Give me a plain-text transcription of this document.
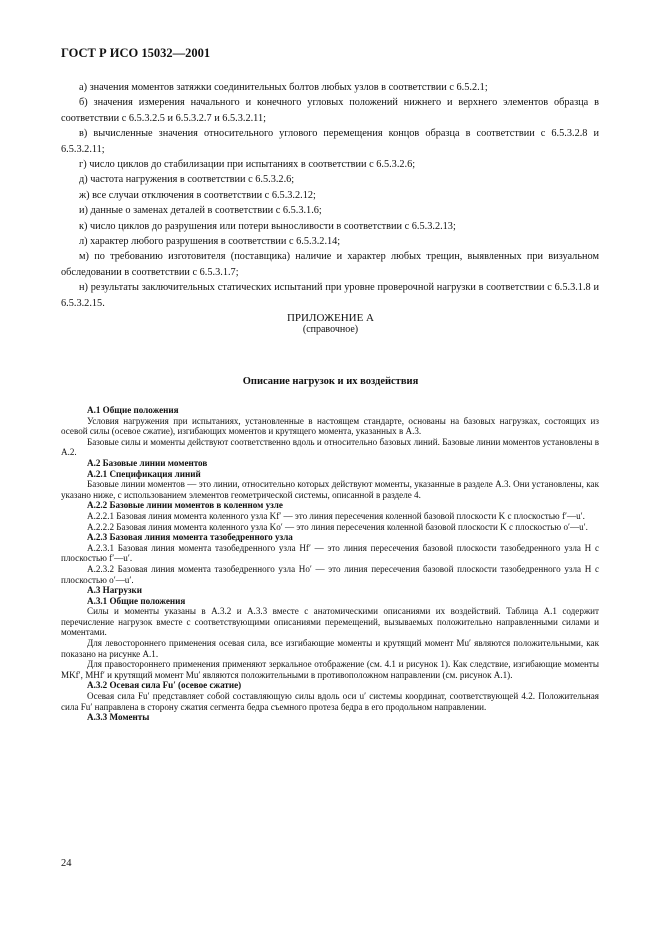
ГОСТ Р ИСО 15032—2001

а) значения моментов затяжки соединительных болтов любых узлов в соответствии с 6.5.2.1;

б) значения измерения начального и конечного угловых положений нижнего и верхнего элементов образца в соответствии с 6.5.3.2.5 и 6.5.3.2.7 и 6.5.3.2.11;

в) вычисленные значения относительного углового перемещения концов образца в соответствии с 6.5.3.2.8 и 6.5.3.2.11;

г) число циклов до стабилизации при испытаниях в соответствии с 6.5.3.2.6;

д) частота нагружения в соответствии с 6.5.3.2.6;

ж) все случаи отключения в соответствии с 6.5.3.2.12;

и) данные о заменах деталей в соответствии с 6.5.3.1.6;

к) число циклов до разрушения или потери выносливости в соответствии с 6.5.3.2.13;

л) характер любого разрушения в соответствии с 6.5.3.2.14;

м) по требованию изготовителя (поставщика) наличие и характер любых трещин, выявленных при визуальном обследовании в соответствии с 6.5.3.1.7;

н) результаты заключительных статических испытаний при уровне проверочной нагрузки в соответствии с 6.5.3.1.8 и 6.5.3.2.15.

ПРИЛОЖЕНИЕ А
(справочное)
Описание нагрузок и их воздействия

А.1 Общие положения

Условия нагружения при испытаниях, установленные в настоящем стандарте, основаны на базовых нагрузках, состоящих из осевой силы (осевое сжатие), изгибающих моментов и крутящего момента, указанных в А.3.

Базовые силы и моменты действуют соответственно вдоль и относительно базовых линий. Базовые линии моментов установлены в А.2.

А.2 Базовые линии моментов

А.2.1 Спецификация линий

Базовые линии моментов — это линии, относительно которых действуют моменты, указанные в разделе А.3. Они установлены, как указано ниже, с использованием элементов геометрической системы, описанной в разделе 4.

А.2.2 Базовые линии моментов в коленном узле

А.2.2.1 Базовая линия момента коленного узла Kf′ — это линия пересечения коленной базовой плоскости K с плоскостью f′—u′.

А.2.2.2 Базовая линия момента коленного узла Kо′ — это линия пересечения коленной базовой плоскости K с плоскостью о′—u′.

А.2.3 Базовая линия момента тазобедренного узла

А.2.3.1 Базовая линия момента тазобедренного узла Hf′ — это линия пересечения базовой плоскости тазобедренного узла H с плоскостью f′—u′.

А.2.3.2 Базовая линия момента тазобедренного узла Hо′ — это линия пересечения базовой плоскости тазобедренного узла H с плоскостью о′—u′.

А.3 Нагрузки

А.3.1 Общие положения

Силы и моменты указаны в А.3.2 и А.3.3 вместе с анатомическими описаниями их воздействий. Таблица А.1 содержит перечисление нагрузок вместе с соответствующими описаниями перемещений, вызываемых положительно направленными силами и моментами.

Для левостороннего применения осевая сила, все изгибающие моменты и крутящий момент Mu′ являются положительными, как показано на рисунке А.1.

Для правостороннего применения применяют зеркальное отображение (см. 4.1 и рисунок 1). Как следствие, изгибающие моменты MKf′, MHf′ и крутящий момент Mu′ являются положительными в противоположном направлении (см. рисунок А.1).

А.3.2 Осевая сила Fu′ (осевое сжатие)

Осевая сила Fu′ представляет собой составляющую силы вдоль оси u′ системы координат, соответствующей 4.2. Положительная сила Fu′ направлена в сторону сжатия сегмента бедра съемного протеза бедра в его продольном направлении.

А.3.3 Моменты

24
